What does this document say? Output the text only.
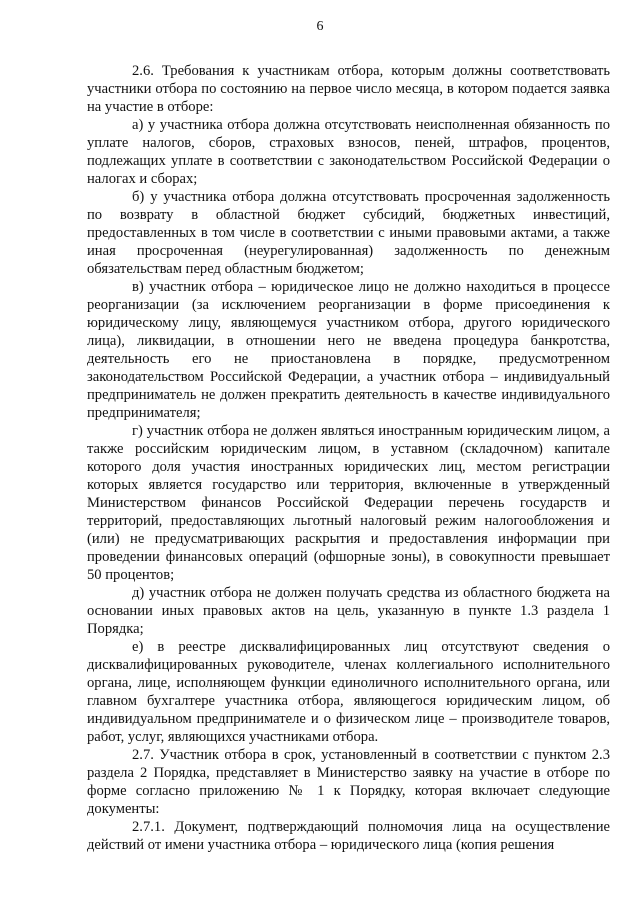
6

2.6. Требования к участникам отбора, которым должны соответствовать участники отбора по состоянию на первое число месяца, в котором подается заявка на участие в отборе:

а) у участника отбора должна отсутствовать неисполненная обязанность по уплате налогов, сборов, страховых взносов, пеней, штрафов, процентов, подлежащих уплате в соответствии с законодательством Российской Федерации о налогах и сборах;

б) у участника отбора должна отсутствовать просроченная задолженность по возврату в областной бюджет субсидий, бюджетных инвестиций, предоставленных в том числе в соответствии с иными правовыми актами, а также иная просроченная (неурегулированная) задолженность по денежным обязательствам перед областным бюджетом;

в) участник отбора – юридическое лицо не должно находиться в процессе реорганизации (за исключением реорганизации в форме присоединения к юридическому лицу, являющемуся участником отбора, другого юридического лица), ликвидации, в отношении него не введена процедура банкротства, деятельность его не приостановлена в порядке, предусмотренном законодательством Российской Федерации, а участник отбора – индивидуальный предприниматель не должен прекратить деятельность в качестве индивидуального предпринимателя;

г) участник отбора не должен являться иностранным юридическим лицом, а также российским юридическим лицом, в уставном (складочном) капитале которого доля участия иностранных юридических лиц, местом регистрации которых является государство или территория, включенные в утвержденный Министерством финансов Российской Федерации перечень государств и территорий, предоставляющих льготный налоговый режим налогообложения и (или) не предусматривающих раскрытия и предоставления информации при проведении финансовых операций (офшорные зоны), в совокупности превышает 50 процентов;

д) участник отбора не должен получать средства из областного бюджета на основании иных правовых актов на цель, указанную в пункте 1.3 раздела 1 Порядка;

е) в реестре дисквалифицированных лиц отсутствуют сведения о дисквалифицированных руководителе, членах коллегиального исполнительного органа, лице, исполняющем функции единоличного исполнительного органа, или главном бухгалтере участника отбора, являющегося юридическим лицом, об индивидуальном предпринимателе и о физическом лице – производителе товаров, работ, услуг, являющихся участниками отбора.

2.7. Участник отбора в срок, установленный в соответствии с пунктом 2.3 раздела 2 Порядка, представляет в Министерство заявку на участие в отборе по форме согласно приложению № 1 к Порядку, которая включает следующие документы:

2.7.1. Документ, подтверждающий полномочия лица на осуществление действий от имени участника отбора – юридического лица (копия решения
